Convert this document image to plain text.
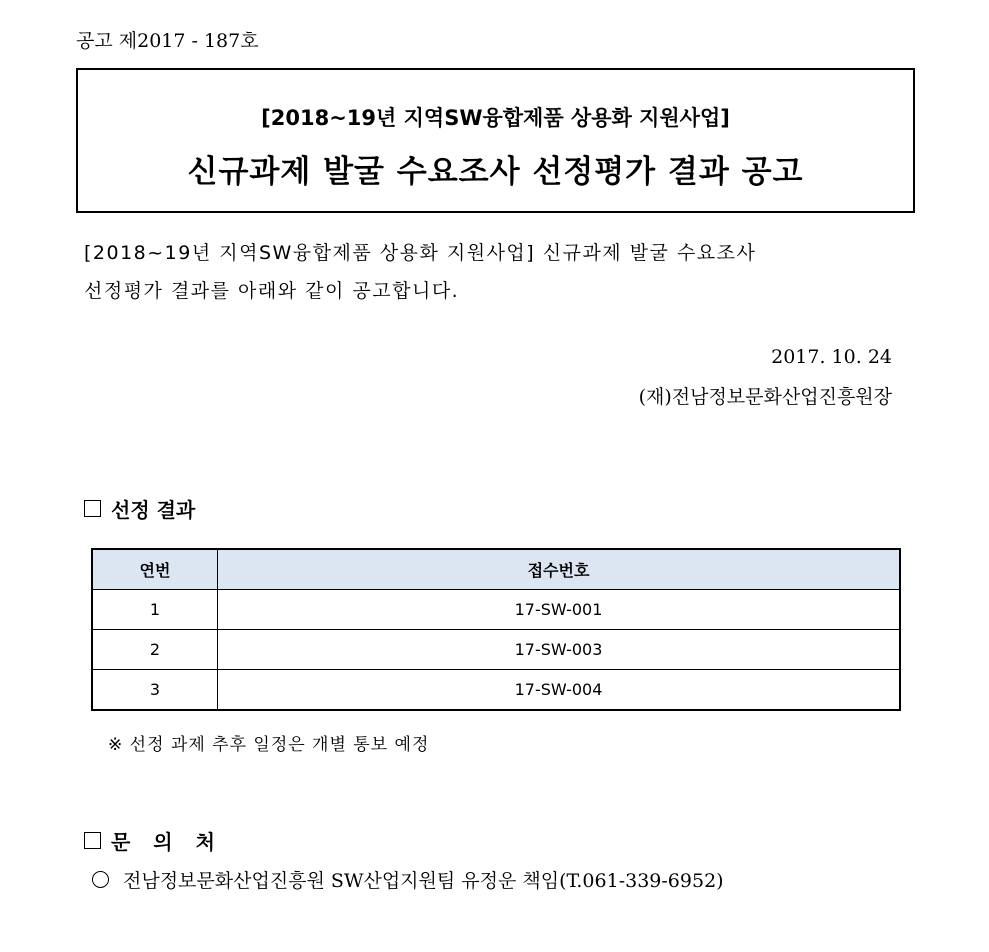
공고 제2017 - 187호
[2018~19년 지역SW융합제품 상용화 지원사업]
신규과제 발굴 수요조사 선정평가 결과 공고
[2018~19년 지역SW융합제품 상용화 지원사업] 신규과제 발굴 수요조사
선정평가 결과를 아래와 같이 공고합니다.
2017. 10. 24
(재)전남정보문화산업진흥원장
선정 결과
연번	접수번호
1	17-SW-001
2	17-SW-003
3	17-SW-004
※ 선정 과제 추후 일정은 개별 통보 예정
문 의 처
전남정보문화산업진흥원 SW산업지원팀 유정운 책임(T.061-339-6952)
